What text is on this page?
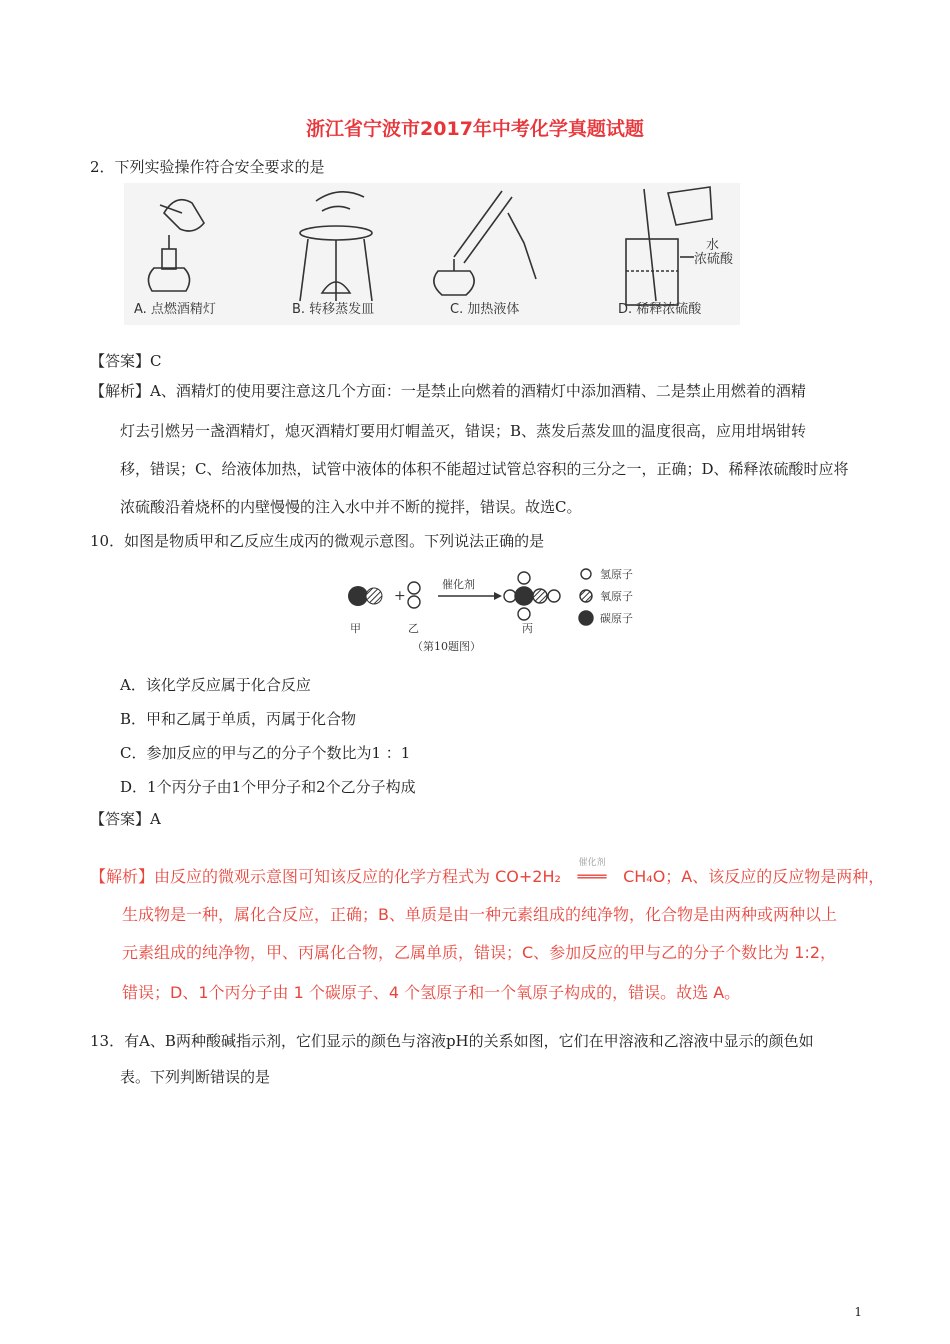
浙江省宁波市2017年中考化学真题试题
2．下列实验操作符合安全要求的是
A. 点燃酒精灯	B. 转移蒸发皿	C. 加热液体	D. 稀释浓硫酸
水
浓硫酸
【答案】C
【解析】A、酒精灯的使用要注意这几个方面：一是禁止向燃着的酒精灯中添加酒精、二是禁止用燃着的酒精
灯去引燃另一盏酒精灯，熄灭酒精灯要用灯帽盖灭，错误；B、蒸发后蒸发皿的温度很高，应用坩埚钳转
移，错误；C、给液体加热，试管中液体的体积不能超过试管总容积的三分之一，正确；D、稀释浓硫酸时应将
浓硫酸沿着烧杯的内壁慢慢的注入水中并不断的搅拌，错误。故选C。
10．如图是物质甲和乙反应生成丙的微观示意图。下列说法正确的是
+
催化剂
氢原子
氧原子
碳原子
甲	乙	丙
（第10题图）
A．该化学反应属于化合反应
B．甲和乙属于单质，丙属于化合物
C．参加反应的甲与乙的分子个数比为1 ：1
D．1个丙分子由1个甲分子和2个乙分子构成
【答案】A
【解析】由反应的微观示意图可知该反应的化学方程式为 CO+2H₂
催化剂
═══ CH₄O；A、该反应的反应物是两种，
生成物是一种，属化合反应，正确；B、单质是由一种元素组成的纯净物，化合物是由两种或两种以上
元素组成的纯净物，甲、丙属化合物，乙属单质，错误；C、参加反应的甲与乙的分子个数比为 1:2，
错误；D、1个丙分子由 1 个碳原子、4 个氢原子和一个氧原子构成的，错误。故选 A。
13．有A、B两种酸碱指示剂，它们显示的颜色与溶液pH的关系如图，它们在甲溶液和乙溶液中显示的颜色如
表。下列判断错误的是
1
